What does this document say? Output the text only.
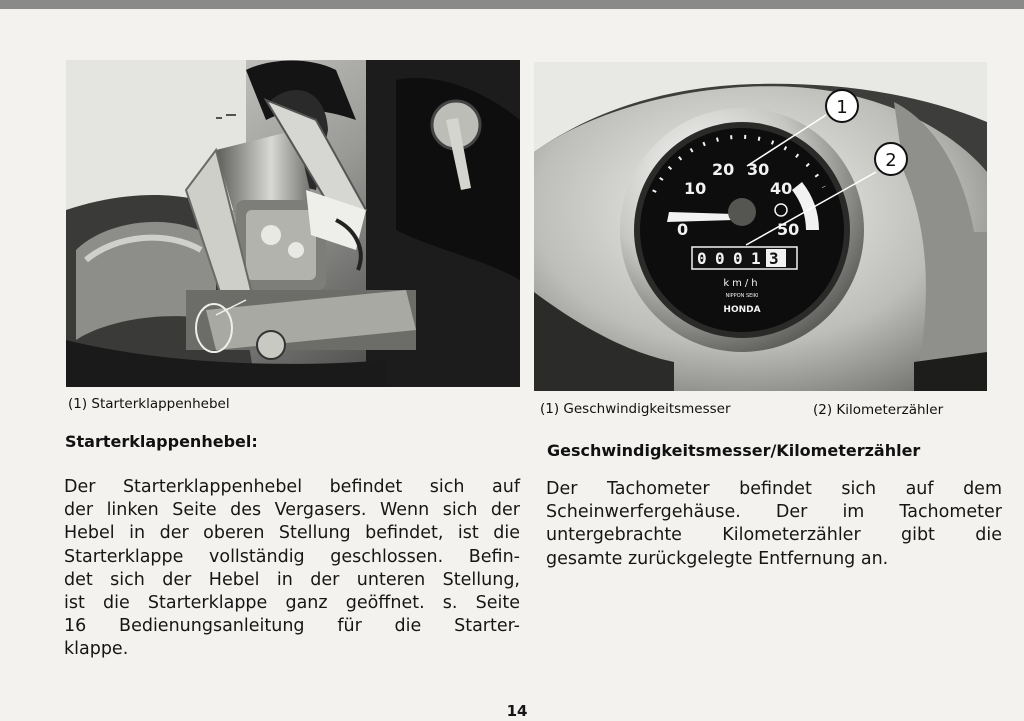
0
10
20 30
40
50
0 0 0 1 3
km/h
NIPPON SEIKI
HONDA
1
2
(1) Starterklappenhebel	(1) Geschwindigkeitsmesser	(2) Kilometerzähler
Starterklappenhebel:	Geschwindigkeitsmesser/Kilometerzähler
Der Starterklappenhebel befindet sich auf
der linken Seite des Vergasers. Wenn sich der
Hebel in der oberen Stellung befindet, ist die
Starterklappe vollständig geschlossen. Befin-
det sich der Hebel in der unteren Stellung,
ist die Starterklappe ganz geöffnet. s. Seite
16 Bedienungsanleitung für die Starter-
klappe.
Der Tachometer befindet sich auf dem
Scheinwerfergehäuse. Der im Tachometer
untergebrachte Kilometerzähler gibt die
gesamte zurückgelegte Entfernung an.
14
